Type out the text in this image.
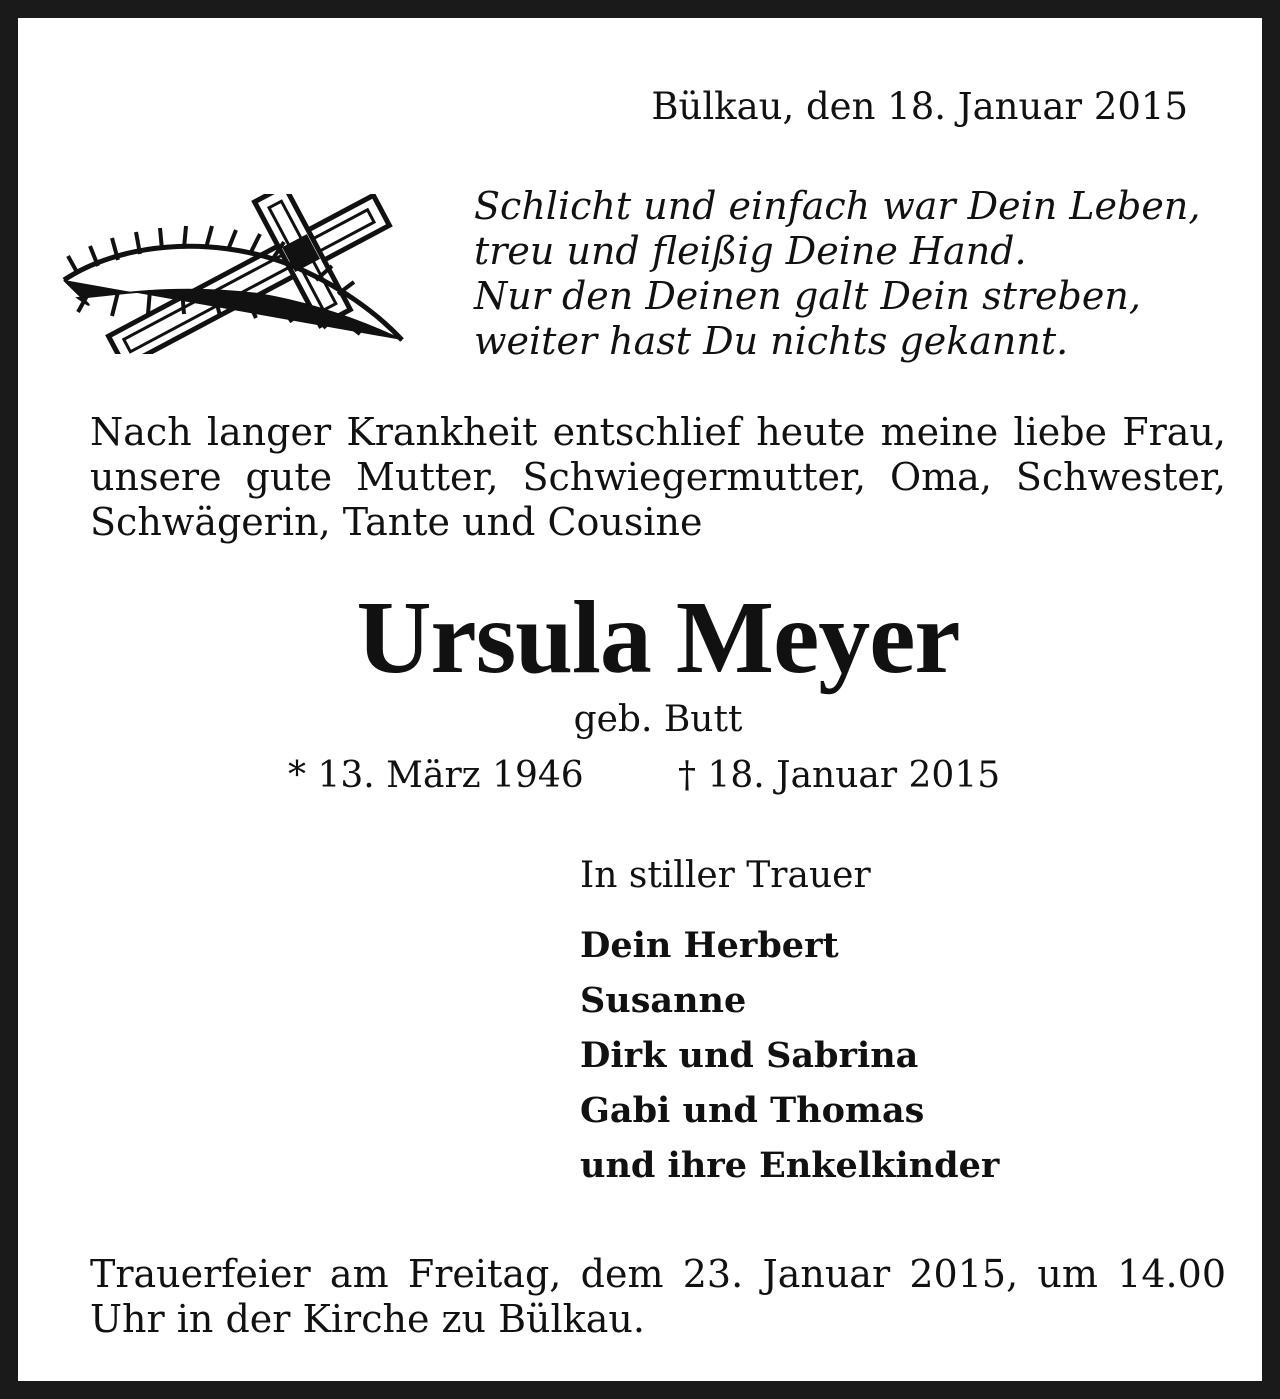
Bülkau, den 18. Januar 2015
Schlicht und einfach war Dein Leben,
treu und fleißig Deine Hand.
Nur den Deinen galt Dein streben,
weiter hast Du nichts gekannt.
Nach langer Krankheit entschlief heute meine liebe Frau,
unsere gute Mutter, Schwiegermutter, Oma, Schwester,
Schwägerin, Tante und Cousine
Ursula Meyer
geb. Butt
* 13. März 1946	† 18. Januar 2015
In stiller Trauer
Dein Herbert
Susanne
Dirk und Sabrina
Gabi und Thomas
und ihre Enkelkinder
Trauerfeier am Freitag, dem 23. Januar 2015, um 14.00
Uhr in der Kirche zu Bülkau.
